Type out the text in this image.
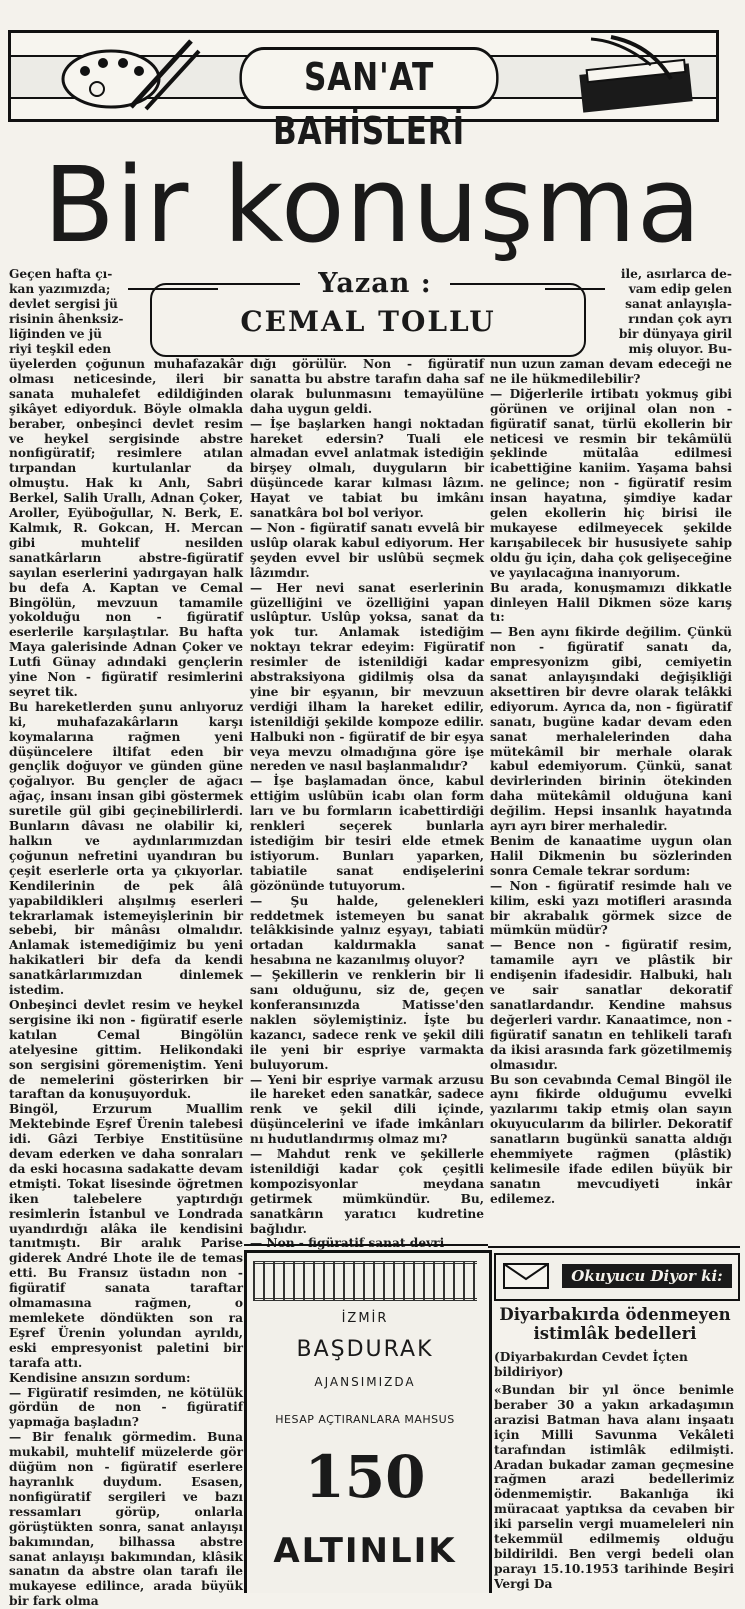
SAN'AT BAHİSLERİ
Bir konuşma
Yazan :
CEMAL TOLLU
Geçen hafta çı-
kan yazımızda;
devlet sergisi jü
risinin âhenksiz-
liğinden ve jü
riyi teşkil eden
ile, asırlarca de-
vam edip gelen
sanat anlayışla-
rından çok ayrı
bir dünyaya giril
miş oluyor. Bu-
üyelerden çoğunun muhafazakâr olması neticesinde, ileri bir sanata muhalefet edildiğinden şikâyet ediyorduk. Böyle olmakla beraber, onbeşinci devlet resim ve heykel sergisinde abstre nonfigüratif; resimlere atılan tırpandan kurtulanlar da olmuştu. Hak kı Anlı, Sabri Berkel, Salih Urallı, Adnan Çoker, Aroller, Eyüboğullar, N. Berk, E. Kalmık, R. Gokcan, H. Mercan gibi muhtelif nesilden sanatkârların abstre-figüratif sayılan eserlerini yadırgayan halk bu defa A. Kaptan ve Cemal Bingölün, mevzuun tamamile yokolduğu non - figüratif eserlerile karşılaştılar. Bu hafta Maya galerisinde Adnan Çoker ve Lutfi Günay adındaki gençlerin yine Non - figüratif resimlerini seyret tik.
Bu hareketlerden şunu anlıyoruz ki, muhafazakârların karşı koymalarına rağmen yeni düşüncelere iltifat eden bir gençlik doğuyor ve günden güne çoğalıyor. Bu gençler de ağacı ağaç, insanı insan gibi göstermek suretile gül gibi geçinebilirlerdi. Bunların dâvası ne olabilir ki, halkın ve aydınlarımızdan çoğunun nefretini uyandıran bu çeşit eserlerle orta ya çıkıyorlar. Kendilerinin de pek âlâ yapabildikleri alışılmış eserleri tekrarlamak istemeyişlerinin bir sebebi, bir mânâsı olmalıdır. Anlamak istemediğimiz bu yeni hakikatleri bir defa da kendi sanatkârlarımızdan dinlemek istedim.
Onbeşinci devlet resim ve heykel sergisine iki non - figüratif eserle katılan Cemal Bingölün atelyesine gittim. Helikondaki son sergisini göremeniştim. Yeni de nemelerini gösterirken bir taraftan da konuşuyorduk.
Bingöl, Erzurum Muallim Mektebinde Eşref Ürenin talebesi idi. Gâzi Terbiye Enstitüsüne devam ederken ve daha sonraları da eski hocasına sadakatte devam etmişti. Tokat lisesinde öğretmen iken talebelere yaptırdığı resimlerin İstanbul ve Londrada uyandırdığı alâka ile kendisini tanıtmıştı. Bir aralık Parise giderek André Lhote ile de temas etti. Bu Fransız üstadın non - figüratif sanata taraftar olmamasına rağmen, o memlekete döndükten son ra Eşref Ürenin yolundan ayrıldı, eski empresyonist paletini bir tarafa attı.
Kendisine ansızın sordum:
— Figüratif resimden, ne kötülük gördün de non - figüratif yapmağa başladın?
— Bir fenalık görmedim. Buna mukabil, muhtelif müzelerde gör düğüm non - figüratif eserlere hayranlık duydum. Esasen, nonfigüratif sergileri ve bazı ressamları görüp, onlarla görüştükten sonra, sanat anlayışı bakımından, bilhassa abstre sanat anlayışı bakımından, klâsik sanatın da abstre olan tarafı ile mukayese edilince, arada büyük bir fark olma
dığı görülür. Non - figüratif sanatta bu abstre tarafın daha saf olarak bulunmasını temayülüne daha uygun geldi.
— İşe başlarken hangi noktadan hareket edersin? Tuali ele almadan evvel anlatmak istediğin birşey olmalı, duyguların bir düşüncede karar kılması lâzım. Hayat ve tabiat bu imkânı sanatkâra bol bol veriyor.
— Non - figüratif sanatı evvelâ bir uslûp olarak kabul ediyorum. Her şeyden evvel bir uslûbü seçmek lâzımdır.
— Her nevi sanat eserlerinin güzelliğini ve özelliğini yapan uslûptur. Uslûp yoksa, sanat da yok tur. Anlamak istediğim noktayı tekrar edeyim: Figüratif resimler de istenildiği kadar abstraksiyona gidilmiş olsa da yine bir eşyanın, bir mevzuun verdiği ilham la hareket edilir, istenildiği şekilde kompoze edilir. Halbuki non - figüratif de bir eşya veya mevzu olmadığına göre işe nereden ve nasıl başlanmalıdır?
— İşe başlamadan önce, kabul ettiğim uslûbün icabı olan form ları ve bu formların icabettirdiği renkleri seçerek bunlarla istediğim bir tesiri elde etmek istiyorum. Bunları yaparken, tabiatile sanat endişelerini gözönünde tutuyorum.
— Şu halde, gelenekleri reddetmek istemeyen bu sanat telâkkisinde yalnız eşyayı, tabiati ortadan kaldırmakla sanat hesabına ne kazanılmış oluyor?
— Şekillerin ve renklerin bir li sanı olduğunu, siz de, geçen konferansınızda Matisse'den naklen söylemiştiniz. İşte bu kazancı, sadece renk ve şekil dili ile yeni bir espriye varmakta buluyorum.
— Yeni bir espriye varmak arzusu ile hareket eden sanatkâr, sadece renk ve şekil dili içinde, düşüncelerini ve ifade imkânları nı hudutlandırmış olmaz mı?
— Mahdut renk ve şekillerle istenildiği kadar çok çeşitli kompozisyonlar meydana getirmek mümkündür. Bu, sanatkârın yaratıcı kudretine bağlıdır.

nun uzun zaman devam edeceği ne ne ile hükmedilebilir?
— Diğerlerile irtibatı yokmuş gibi görünen ve orijinal olan non - figüratif sanat, türlü ekollerin bir neticesi ve resmin bir tekâmülü şeklinde mütalâa edilmesi icabettiğine kaniim. Yaşama bahsi ne gelince; non - figüratif resim insan hayatına, şimdiye kadar gelen ekollerin hiç birisi ile mukayese edilmeyecek şekilde karışabilecek bir hususiyete sahip oldu ğu için, daha çok gelişeceğine ve yayılacağına inanıyorum.
Bu arada, konuşmamızı dikkatle dinleyen Halil Dikmen söze karış tı:
— Ben aynı fikirde değilim. Çünkü non - figüratif sanatı da, empresyonizm gibi, cemiyetin sanat anlayışındaki değişikliği aksettiren bir devre olarak telâkki ediyorum. Ayrıca da, non - figüratif sanatı, bugüne kadar devam eden sanat merhalelerinden daha mütekâmil bir merhale olarak kabul edemiyorum. Çünkü, sanat devirlerinden birinin ötekinden daha mütekâmil olduğuna kani değilim. Hepsi insanlık hayatında ayrı ayrı birer merhaledir.
Benim de kanaatime uygun olan Halil Dikmenin bu sözlerinden sonra Cemale tekrar sordum:
— Non - figüratif resimde halı ve kilim, eski yazı motifleri arasında bir akrabalık görmek sizce de mümkün müdür?
— Bence non - figüratif resim, tamamile ayrı ve plâstik bir endişenin ifadesidir. Halbuki, halı ve sair sanatlar dekoratif sanatlardandır. Kendine mahsus değerleri vardır. Kanaatimce, non - figüratif sanatın en tehlikeli tarafı da ikisi arasında fark gözetilmemiş olmasıdır.
Bu son cevabında Cemal Bingöl ile aynı fikirde olduğumu evvelki yazılarımı takip etmiş olan sayın okuyucularım da bilirler. Dekoratif sanatların bugünkü sanatta aldığı ehemmiyete rağmen (plâstik) kelimesile ifade edilen büyük bir sanatın mevcudiyeti inkâr edilemez.
İZMİR
BAŞDURAK
AJANSIMIZDA
HESAP AÇTIRANLARA MAHSUS
150
ALTINLIK
Okuyucu Diyor ki:
Diyarbakırda ödenmeyen istimlâk bedelleri
(Diyarbakırdan Cevdet İçten bildiriyor)
«Bundan bir yıl önce benimle beraber 30 a yakın arkadaşımın arazisi Batman hava alanı inşaatı için Milli Savunma Vekâleti tarafından istimlâk edilmişti. Aradan bukadar zaman geçmesine rağmen arazi bedellerimiz ödenmemiştir. Bakanlığa iki müracaat yaptıksa da cevaben bir iki parselin vergi muameleleri nin tekemmül edilmemiş olduğu bildirildi. Ben vergi bedeli olan parayı 15.10.1953 tarihinde Beşiri Vergi Da
